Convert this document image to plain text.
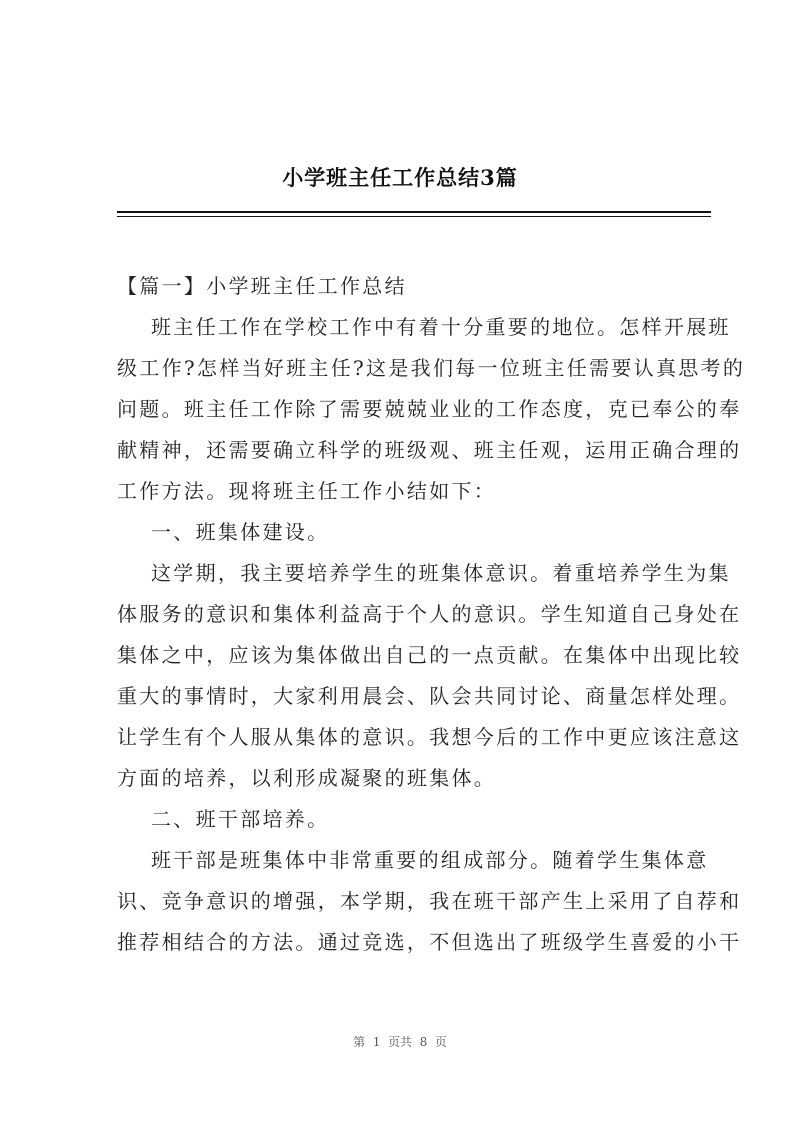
小学班主任工作总结3篇
【篇一】小学班主任工作总结
班主任工作在学校工作中有着十分重要的地位。怎样开展班
级工作?怎样当好班主任?这是我们每一位班主任需要认真思考的
问题。班主任工作除了需要兢兢业业的工作态度，克已奉公的奉
献精神，还需要确立科学的班级观、班主任观，运用正确合理的
工作方法。现将班主任工作小结如下：
一、班集体建设。
这学期，我主要培养学生的班集体意识。着重培养学生为集
体服务的意识和集体利益高于个人的意识。学生知道自己身处在
集体之中，应该为集体做出自己的一点贡献。在集体中出现比较
重大的事情时，大家利用晨会、队会共同讨论、商量怎样处理。
让学生有个人服从集体的意识。我想今后的工作中更应该注意这
方面的培养，以利形成凝聚的班集体。
二、班干部培养。
班干部是班集体中非常重要的组成部分。随着学生集体意
识、竞争意识的增强，本学期，我在班干部产生上采用了自荐和
推荐相结合的方法。通过竞选，不但选出了班级学生喜爱的小干
第  1  页共  8  页
